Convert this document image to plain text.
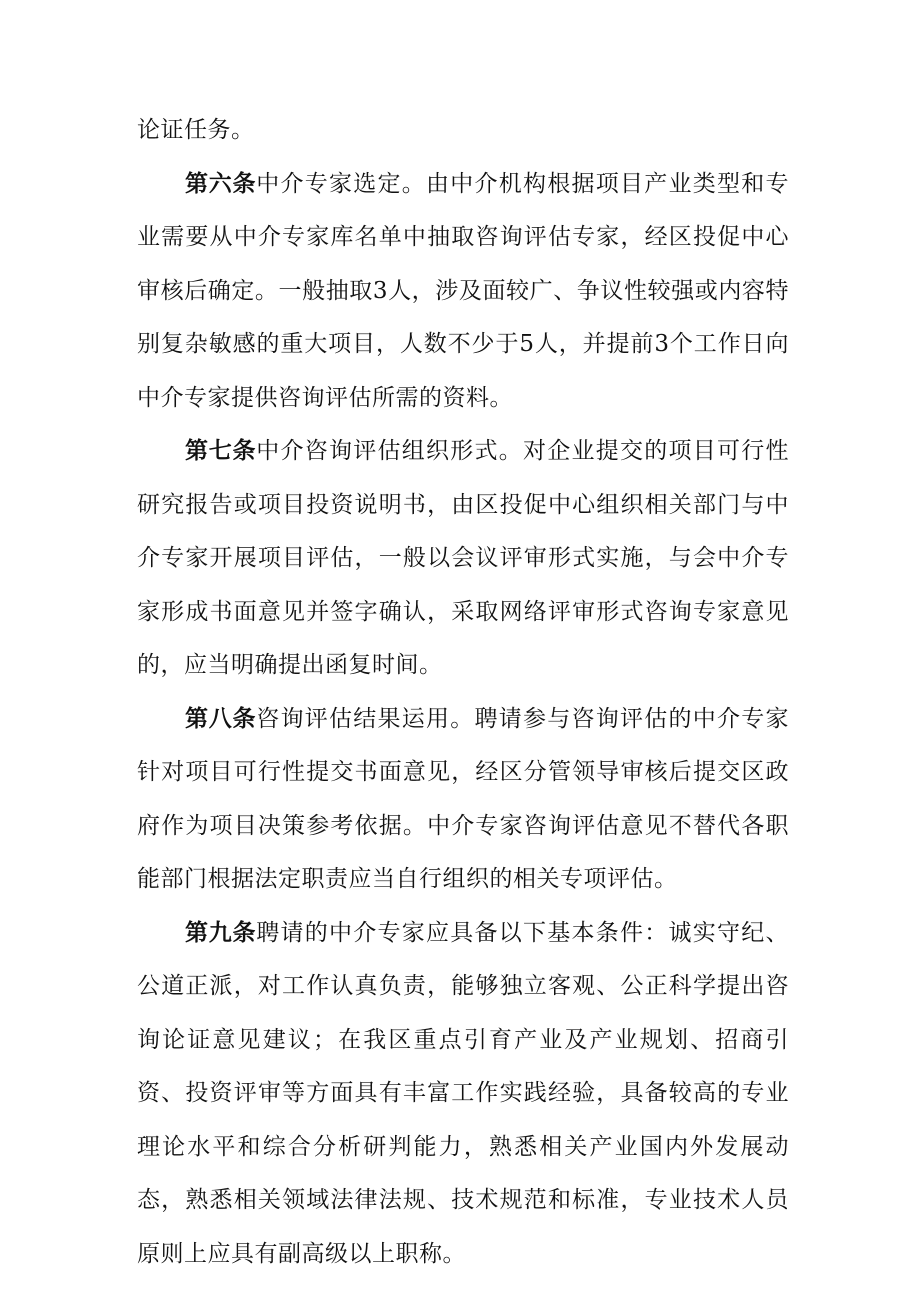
论证任务。

第六条中介专家选定。由中介机构根据项目产业类型和专业需要从中介专家库名单中抽取咨询评估专家，经区投促中心审核后确定。一般抽取3人，涉及面较广、争议性较强或内容特别复杂敏感的重大项目，人数不少于5人，并提前3个工作日向中介专家提供咨询评估所需的资料。

第七条中介咨询评估组织形式。对企业提交的项目可行性研究报告或项目投资说明书，由区投促中心组织相关部门与中介专家开展项目评估，一般以会议评审形式实施，与会中介专家形成书面意见并签字确认，采取网络评审形式咨询专家意见的，应当明确提出函复时间。

第八条咨询评估结果运用。聘请参与咨询评估的中介专家针对项目可行性提交书面意见，经区分管领导审核后提交区政府作为项目决策参考依据。中介专家咨询评估意见不替代各职能部门根据法定职责应当自行组织的相关专项评估。

第九条聘请的中介专家应具备以下基本条件：诚实守纪、公道正派，对工作认真负责，能够独立客观、公正科学提出咨询论证意见建议；在我区重点引育产业及产业规划、招商引资、投资评审等方面具有丰富工作实践经验，具备较高的专业理论水平和综合分析研判能力，熟悉相关产业国内外发展动态，熟悉相关领域法律法规、技术规范和标准，专业技术人员原则上应具有副高级以上职称。
